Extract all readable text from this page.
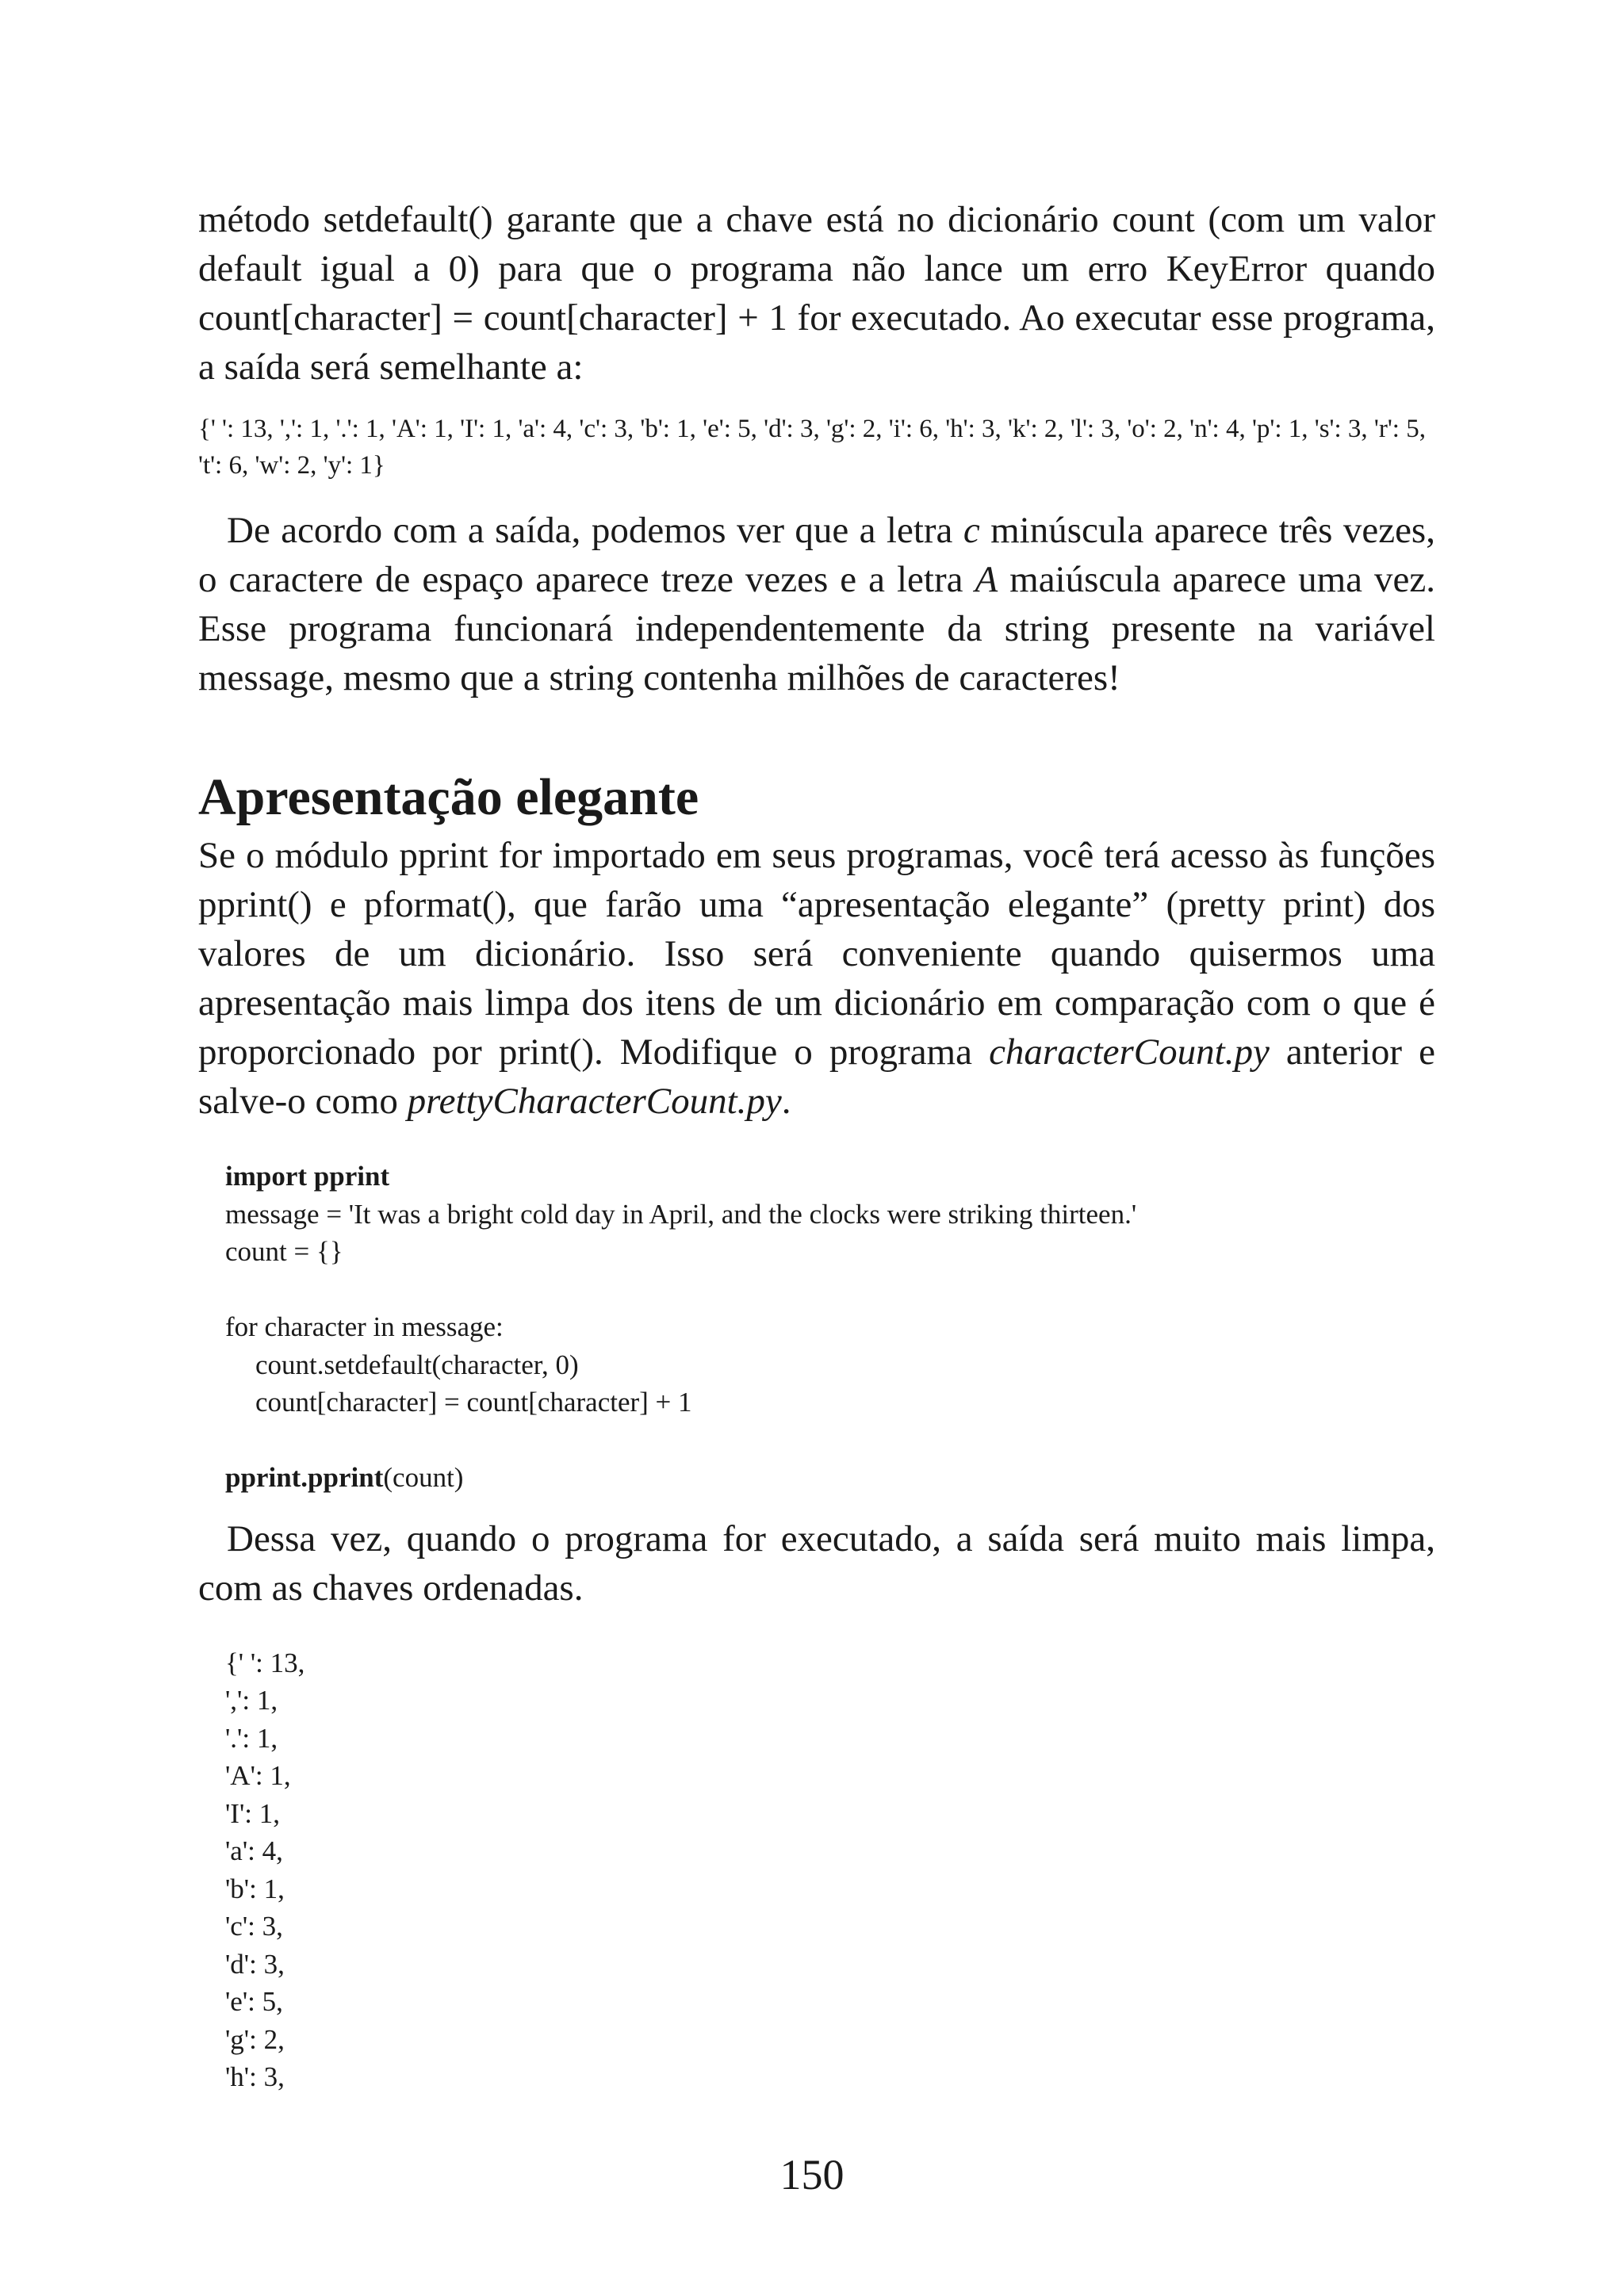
método setdefault() garante que a chave está no dicionário count (com um valor default igual a 0) para que o programa não lance um erro KeyError quando count[character] = count[character] + 1 for executado. Ao executar esse programa, a saída será semelhante a:

{' ': 13, ',': 1, '.': 1, 'A': 1, 'I': 1, 'a': 4, 'c': 3, 'b': 1, 'e': 5, 'd': 3, 'g': 2, 'i': 6, 'h': 3, 'k': 2, 'l': 3, 'o': 2, 'n': 4, 'p': 1, 's': 3, 'r': 5, 't': 6, 'w': 2, 'y': 1}

De acordo com a saída, podemos ver que a letra c minúscula aparece três vezes, o caractere de espaço aparece treze vezes e a letra A maiúscula aparece uma vez. Esse programa funcionará independentemente da string presente na variável message, mesmo que a string contenha milhões de caracteres!

Apresentação elegante

Se o módulo pprint for importado em seus programas, você terá acesso às funções pprint() e pformat(), que farão uma “apresentação elegante” (pretty print) dos valores de um dicionário. Isso será conveniente quando quisermos uma apresentação mais limpa dos itens de um dicionário em comparação com o que é proporcionado por print(). Modifique o programa characterCount.py anterior e salve-o como prettyCharacterCount.py.

import pprint
message = 'It was a bright cold day in April, and the clocks were striking thirteen.'
count = {}
for character in message:
count.setdefault(character, 0)
count[character] = count[character] + 1
pprint.pprint(count)

Dessa vez, quando o programa for executado, a saída será muito mais limpa, com as chaves ordenadas.

{' ': 13,
',': 1,
'.': 1,
'A': 1,
'I': 1,
'a': 4,
'b': 1,
'c': 3,
'd': 3,
'e': 5,
'g': 2,
'h': 3,
150
